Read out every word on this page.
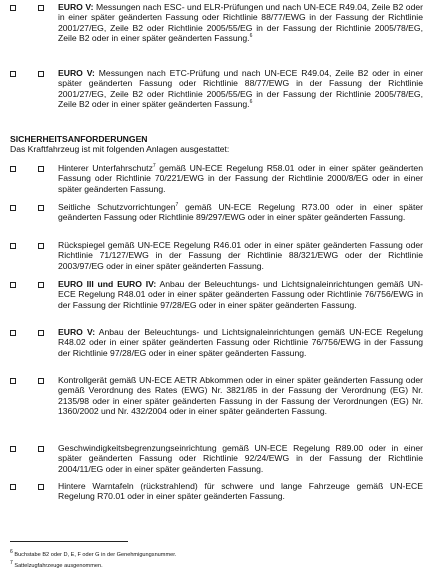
EURO V: Messungen nach ESC- und ELR-Prüfungen und nach UN-ECE R49.04, Zeile B2 oder in einer später geänderten Fassung oder Richtlinie 88/77/EWG in der Fassung der Richtlinie 2001/27/EG, Zeile B2 oder Richtlinie 2005/55/EG in der Fassung der Richtlinie 2005/78/EG, Zeile B2 oder in einer später geänderten Fassung.$^6$
EURO V: Messungen nach ETC-Prüfung und nach UN-ECE R49.04, Zeile B2 oder in einer später geänderten Fassung oder Richtlinie 88/77/EWG in der Fassung der Richtlinie 2001/27/EG, Zeile B2 oder Richtlinie 2005/55/EG in der Fassung der Richtlinie 2005/78/EG, Zeile B2 oder in einer später geänderten Fassung.$^6$
SICHERHEITSANFORDERUNGEN
Das Kraftfahrzeug ist mit folgenden Anlagen ausgestattet:
Hinterer Unterfahrschutz$^7$ gemäß UN-ECE Regelung R58.01 oder in einer später geänderten Fassung oder Richtlinie 70/221/EWG in der Fassung der Richtlinie 2000/8/EG oder in einer später geänderten Fassung.
Seitliche Schutzvorrichtungen$^7$ gemäß UN-ECE Regelung R73.00 oder in einer später geänderten Fassung oder Richtlinie 89/297/EWG oder in einer später geänderten Fassung.
Rückspiegel gemäß UN-ECE Regelung R46.01 oder in einer später geänderten Fassung oder Richtlinie 71/127/EWG in der Fassung der Richtlinie 88/321/EWG oder der Richtlinie 2003/97/EG oder in einer später geänderten Fassung.
EURO III und EURO IV: Anbau der Beleuchtungs- und Lichtsignaleinrichtungen gemäß UN-ECE Regelung R48.01 oder in einer später geänderten Fassung oder Richtlinie 76/756/EWG in der Fassung der Richtlinie 97/28/EG oder in einer später geänderten Fassung.
EURO V: Anbau der Beleuchtungs- und Lichtsignaleinrichtungen gemäß UN-ECE Regelung R48.02 oder in einer später geänderten Fassung oder Richtlinie 76/756/EWG in der Fassung der Richtlinie 97/28/EG oder in einer später geänderten Fassung.
Kontrollgerät gemäß UN-ECE AETR Abkommen oder in einer später geänderten Fassung oder gemäß Verordnung des Rates (EWG) Nr. 3821/85 in der Fassung der Verordnung (EG) Nr. 2135/98 oder in einer später geänderten Fassung in der Fassung der Verordnungen (EG) Nr. 1360/2002 und Nr. 432/2004 oder in einer später geänderten Fassung.
Geschwindigkeitsbegrenzungseinrichtung gemäß UN-ECE Regelung R89.00 oder in einer später geänderten Fassung oder Richtlinie 92/24/EWG in der Fassung der Richtlinie 2004/11/EG oder in einer später geänderten Fassung.
Hintere Warntafeln (rückstrahlend) für schwere und lange Fahrzeuge gemäß UN-ECE Regelung R70.01 oder in einer später geänderten Fassung.
6 Buchstabe B2 oder D, E, F oder G in der Genehmigungsnummer.
7 Sattelzugfahrzeuge ausgenommen.
